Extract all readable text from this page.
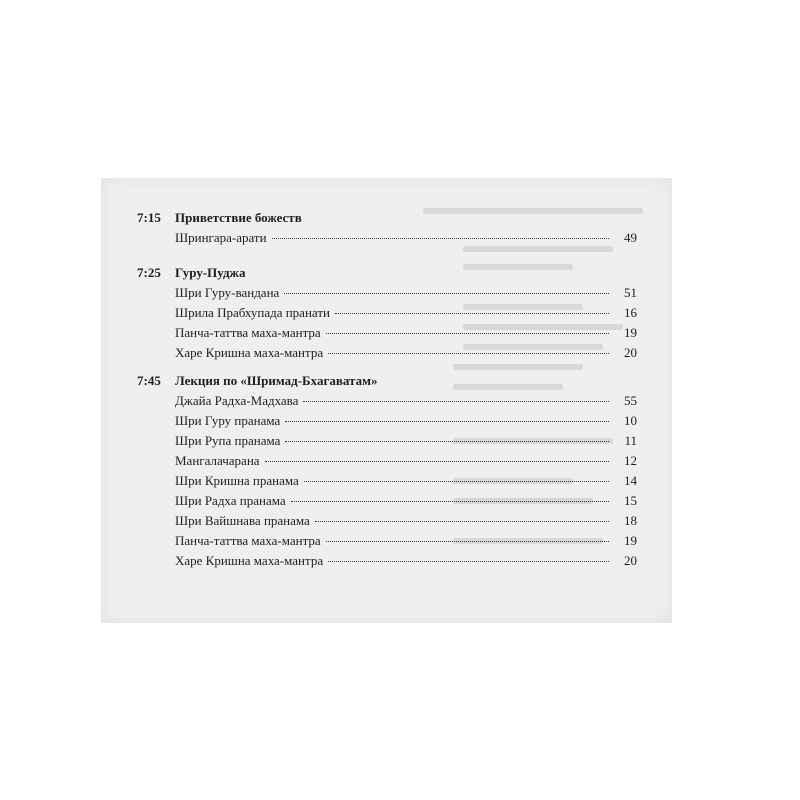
7:15 Приветствие божеств
Шрингара-арати	49
7:25 Гуру-Пуджа
Шри Гуру-вандана	51
Шрила Прабхупада пранати	16
Панча-таттва маха-мантра	19
Харе Кришна маха-мантра	20
7:45 Лекция по «Шримад-Бхагаватам»
Джайа Радха-Мадхава	55
Шри Гуру пранама	10
Шри Рупа пранама	11
Мангалачарана	12
Шри Кришна пранама	14
Шри Радха пранама	15
Шри Вайшнава пранама	18
Панча-таттва маха-мантра	19
Харе Кришна маха-мантра	20
